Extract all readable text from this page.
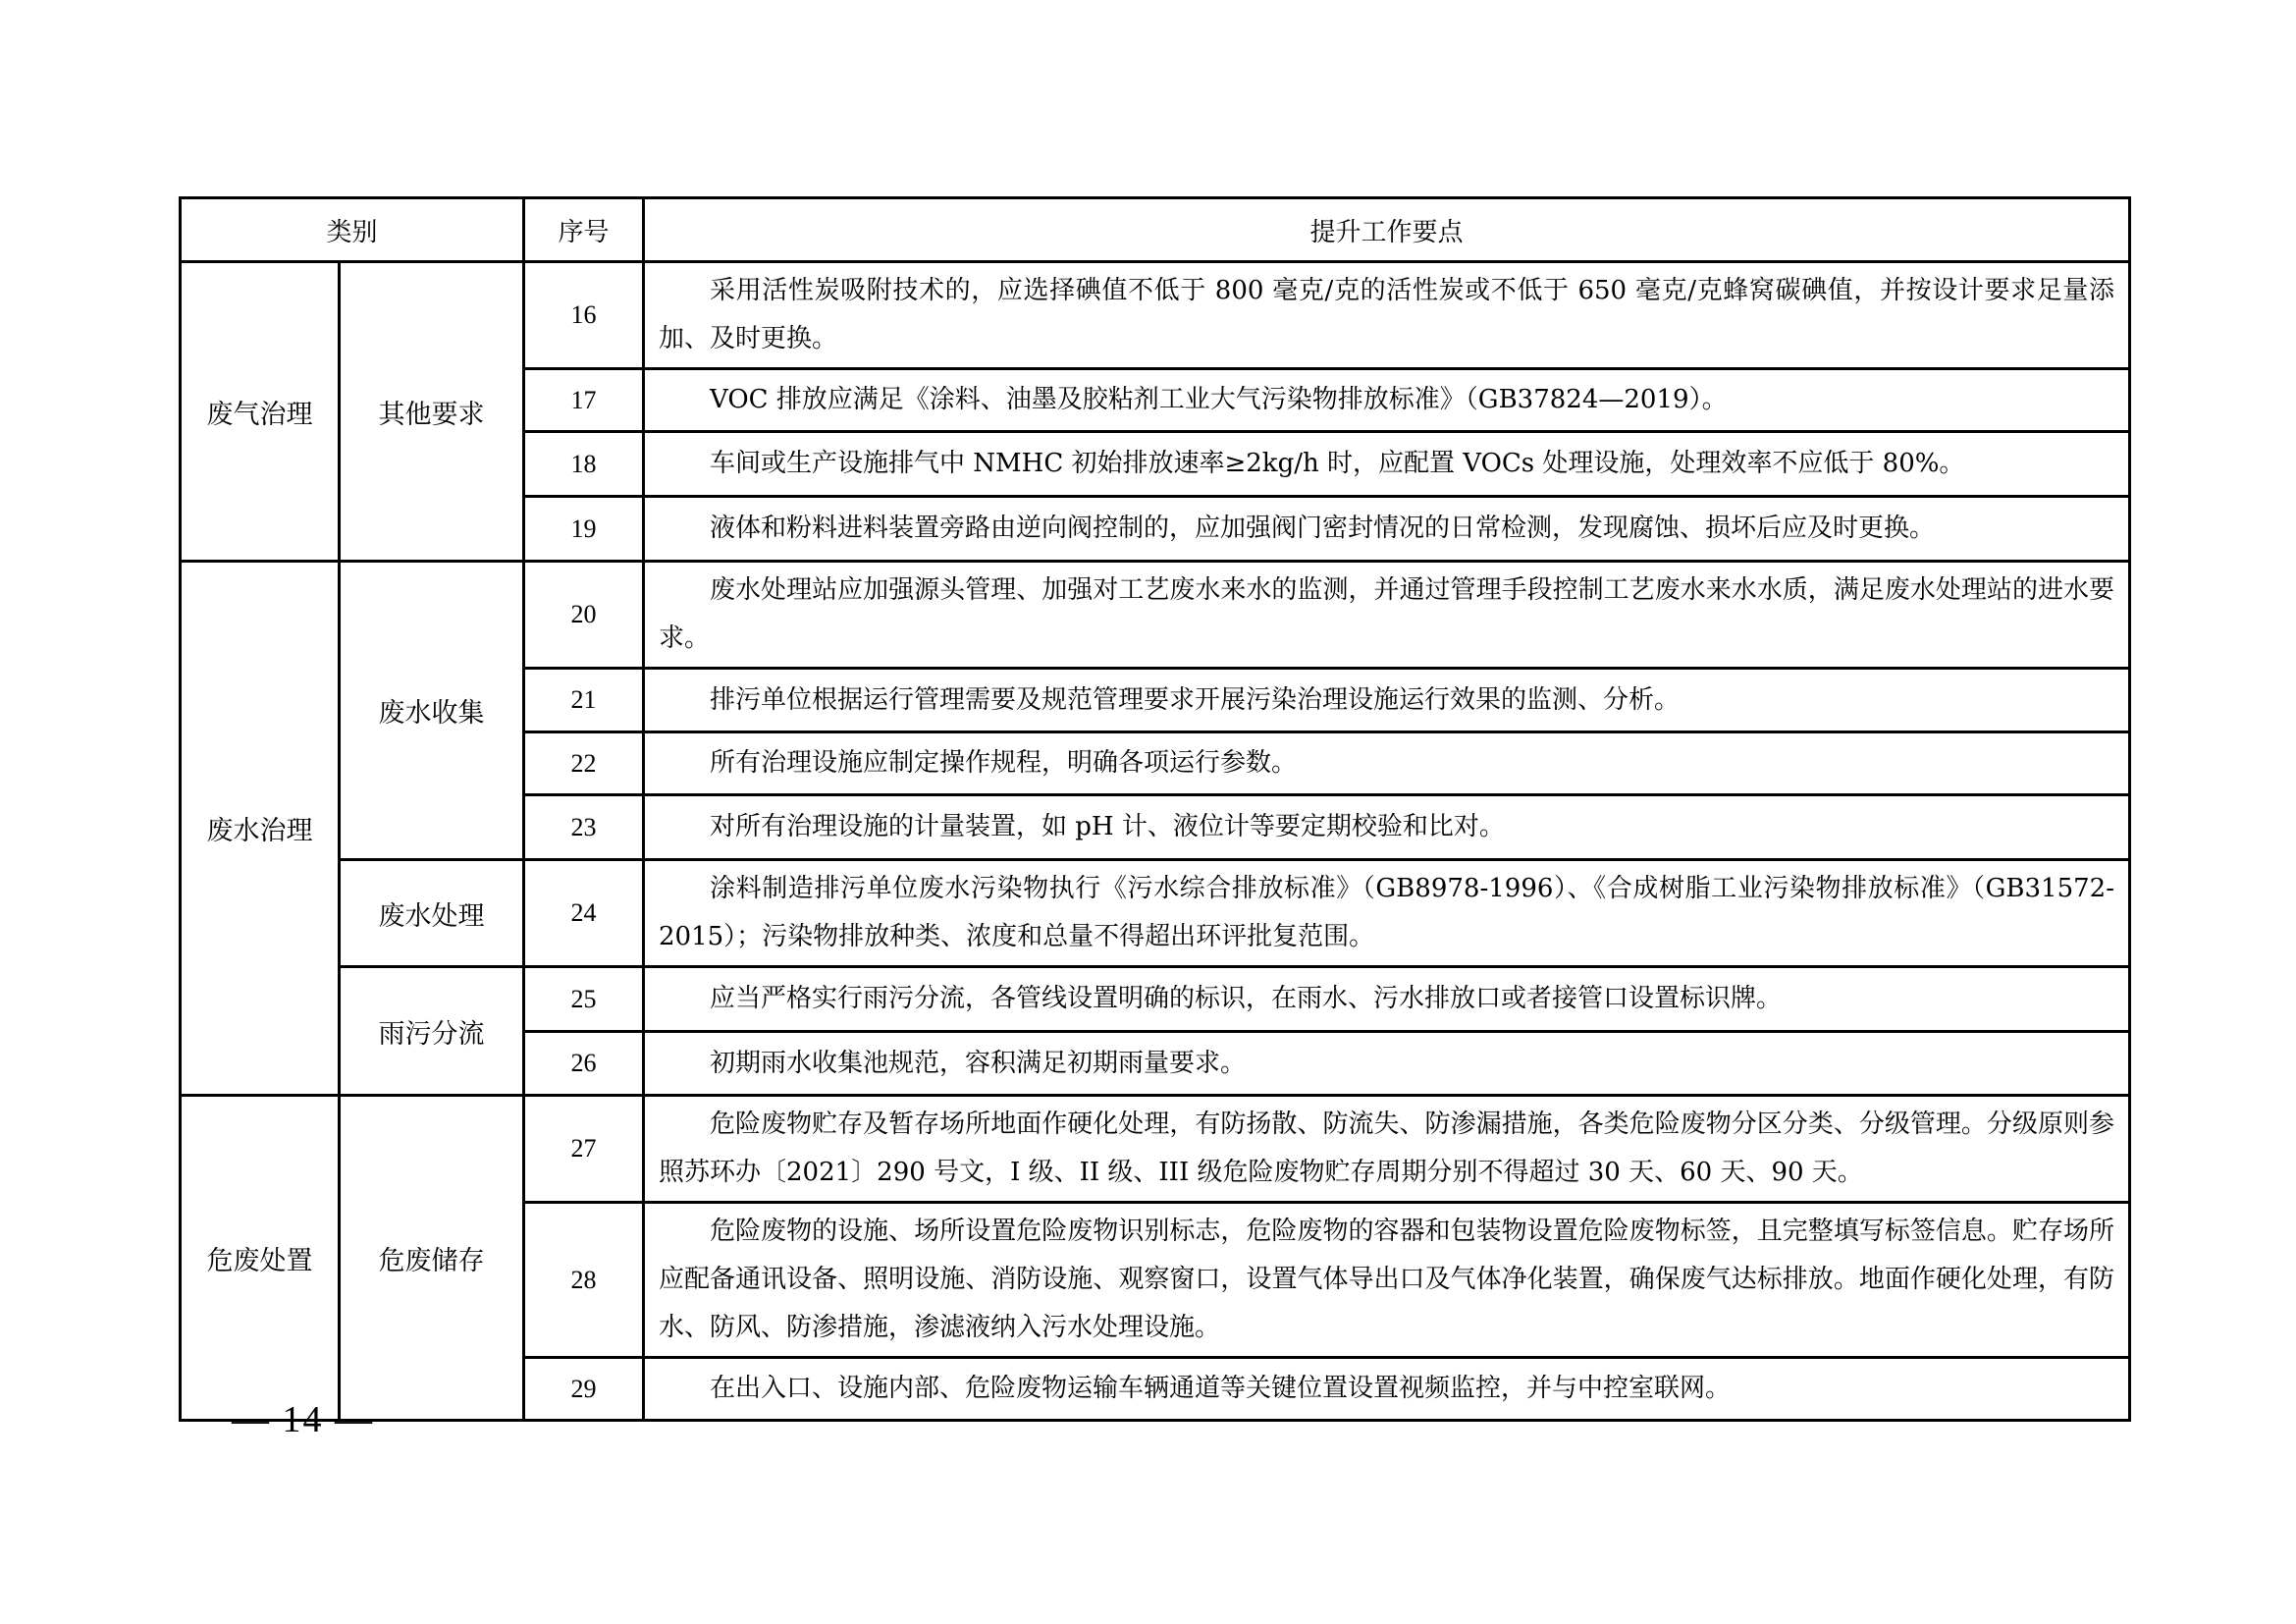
类别		序号	提升工作要点
废气治理	其他要求	16	采用活性炭吸附技术的，应选择碘值不低于 800 毫克/克的活性炭或不低于 650 毫克/克蜂窝碳碘值，并按设计要求足量添加、及时更换。

		17	VOC 排放应满足《涂料、油墨及胶粘剂工业大气污染物排放标准》（GB37824—2019）。

		18	车间或生产设施排气中 NMHC 初始排放速率≥2kg/h 时，应配置 VOCs 处理设施，处理效率不应低于 80%。

		19	液体和粉料进料装置旁路由逆向阀控制的，应加强阀门密封情况的日常检测，发现腐蚀、损坏后应及时更换。

废水治理	废水收集	20	废水处理站应加强源头管理、加强对工艺废水来水的监测，并通过管理手段控制工艺废水来水水质，满足废水处理站的进水要求。

		21	排污单位根据运行管理需要及规范管理要求开展污染治理设施运行效果的监测、分析。

		22	所有治理设施应制定操作规程，明确各项运行参数。

		23	对所有治理设施的计量装置，如 pH 计、液位计等要定期校验和比对。

	废水处理	24	涂料制造排污单位废水污染物执行《污水综合排放标准》（GB8978-1996）、《合成树脂工业污染物排放标准》（GB31572-2015）；污染物排放种类、浓度和总量不得超出环评批复范围。

	雨污分流	25	应当严格实行雨污分流，各管线设置明确的标识，在雨水、污水排放口或者接管口设置标识牌。

		26	初期雨水收集池规范，容积满足初期雨量要求。

危废处置	危废储存	27	危险废物贮存及暂存场所地面作硬化处理，有防扬散、防流失、防渗漏措施，各类危险废物分区分类、分级管理。分级原则参照苏环办〔2021〕290 号文，I 级、II 级、III 级危险废物贮存周期分别不得超过 30 天、60 天、90 天。

		28	危险废物的设施、场所设置危险废物识别标志，危险废物的容器和包装物设置危险废物标签，且完整填写标签信息。贮存场所应配备通讯设备、照明设施、消防设施、观察窗口，设置气体导出口及气体净化装置，确保废气达标排放。地面作硬化处理，有防水、防风、防渗措施，渗滤液纳入污水处理设施。

		29	在出入口、设施内部、危险废物运输车辆通道等关键位置设置视频监控，并与中控室联网。
— 14 —
